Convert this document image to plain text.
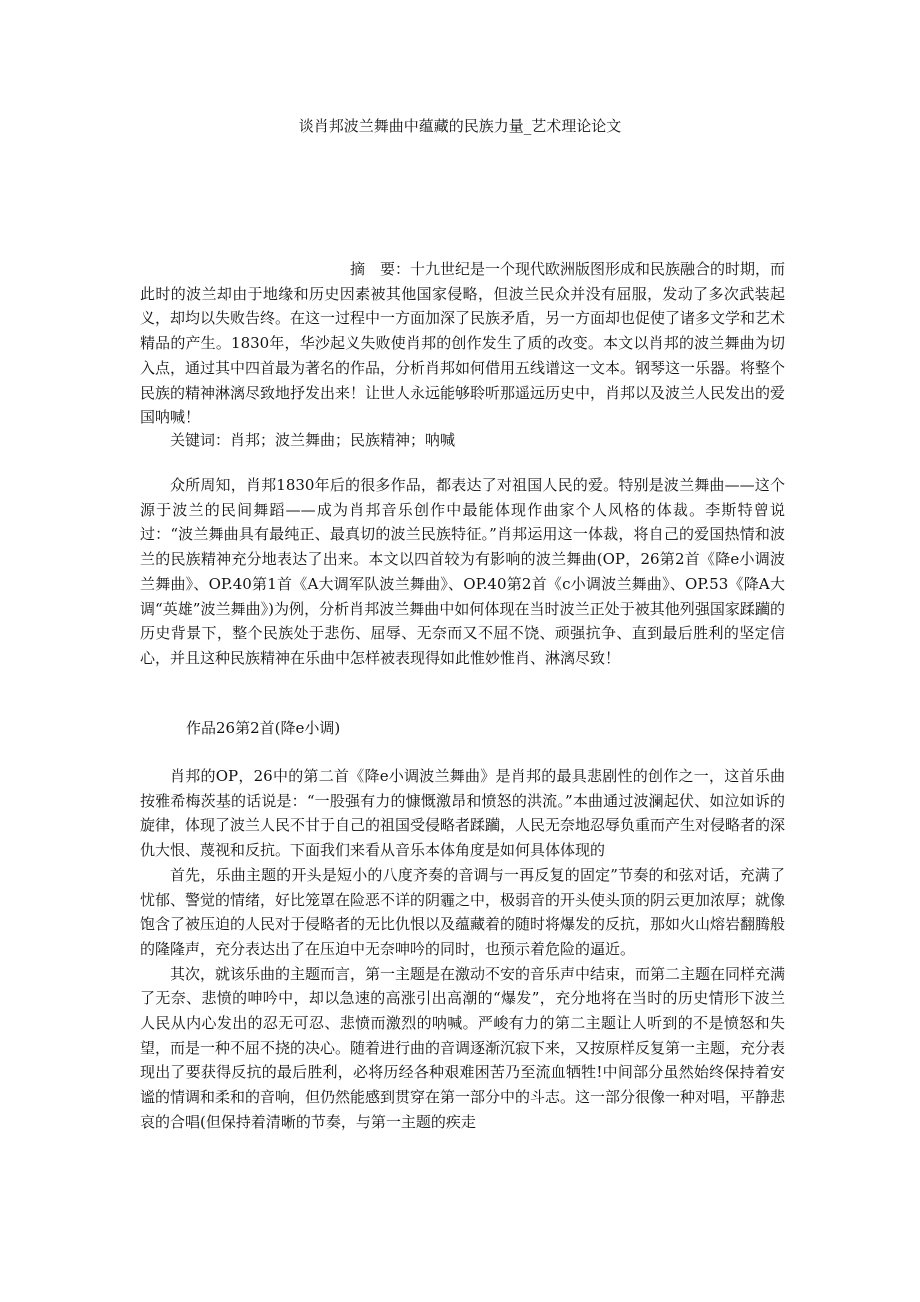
谈肖邦波兰舞曲中蕴藏的民族力量_艺术理论论文

摘　要：十九世纪是一个现代欧洲版图形成和民族融合的时期，而此时的波兰却由于地缘和历史因素被其他国家侵略，但波兰民众并没有屈服，发动了多次武装起义，却均以失败告终。在这一过程中一方面加深了民族矛盾，另一方面却也促使了诸多文学和艺术精品的产生。1830年，华沙起义失败使肖邦的创作发生了质的改变。本文以肖邦的波兰舞曲为切入点，通过其中四首最为著名的作品，分析肖邦如何借用五线谱这一文本。钢琴这一乐器。将整个民族的精神淋漓尽致地抒发出来！让世人永远能够聆听那遥远历史中，肖邦以及波兰人民发出的爱国呐喊！

关键词：肖邦；波兰舞曲；民族精神；呐喊

众所周知，肖邦1830年后的很多作品，都表达了对祖国人民的爱。特别是波兰舞曲——这个源于波兰的民间舞蹈——成为肖邦音乐创作中最能体现作曲家个人风格的体裁。李斯特曾说过：“波兰舞曲具有最纯正、最真切的波兰民族特征。”肖邦运用这一体裁，将自己的爱国热情和波兰的民族精神充分地表达了出来。本文以四首较为有影响的波兰舞曲(OP，26第2首《降e小调波兰舞曲》、OP.40第1首《A大调军队波兰舞曲》、OP.40第2首《c小调波兰舞曲》、OP.53《降A大调“英雄”波兰舞曲》)为例，分析肖邦波兰舞曲中如何体现在当时波兰正处于被其他列强国家蹂躏的历史背景下，整个民族处于悲伤、屈辱、无奈而又不屈不饶、顽强抗争、直到最后胜利的坚定信心，并且这种民族精神在乐曲中怎样被表现得如此惟妙惟肖、淋漓尽致！

作品26第2首(降e小调)

肖邦的OP，26中的第二首《降e小调波兰舞曲》是肖邦的最具悲剧性的创作之一，这首乐曲按雅希梅茨基的话说是：“一股强有力的慷慨激昂和愤怒的洪流。”本曲通过波澜起伏、如泣如诉的旋律，体现了波兰人民不甘于自己的祖国受侵略者蹂躏，人民无奈地忍辱负重而产生对侵略者的深仇大恨、蔑视和反抗。下面我们来看从音乐本体角度是如何具体体现的

首先，乐曲主题的开头是短小的八度齐奏的音调与一再反复的固定”节奏的和弦对话，充满了忧郁、警觉的情绪，好比笼罩在险恶不详的阴霾之中，极弱音的开头使头顶的阴云更加浓厚；就像饱含了被压迫的人民对于侵略者的无比仇恨以及蕴藏着的随时将爆发的反抗，那如火山熔岩翻腾般的隆隆声，充分表达出了在压迫中无奈呻吟的同时，也预示着危险的逼近。

其次，就该乐曲的主题而言，第一主题是在激动不安的音乐声中结束，而第二主题在同样充满了无奈、悲愤的呻吟中，却以急速的高涨引出高潮的“爆发”，充分地将在当时的历史情形下波兰人民从内心发出的忍无可忍、悲愤而激烈的呐喊。严峻有力的第二主题让人听到的不是愤怒和失望，而是一种不屈不挠的决心。随着进行曲的音调逐渐沉寂下来，又按原样反复第一主题，充分表现出了要获得反抗的最后胜利，必将历经各种艰难困苦乃至流血牺牲!中间部分虽然始终保持着安谧的情调和柔和的音响，但仍然能感到贯穿在第一部分中的斗志。这一部分很像一种对唱，平静悲哀的合唱(但保持着清晰的节奏，与第一主题的疾走
